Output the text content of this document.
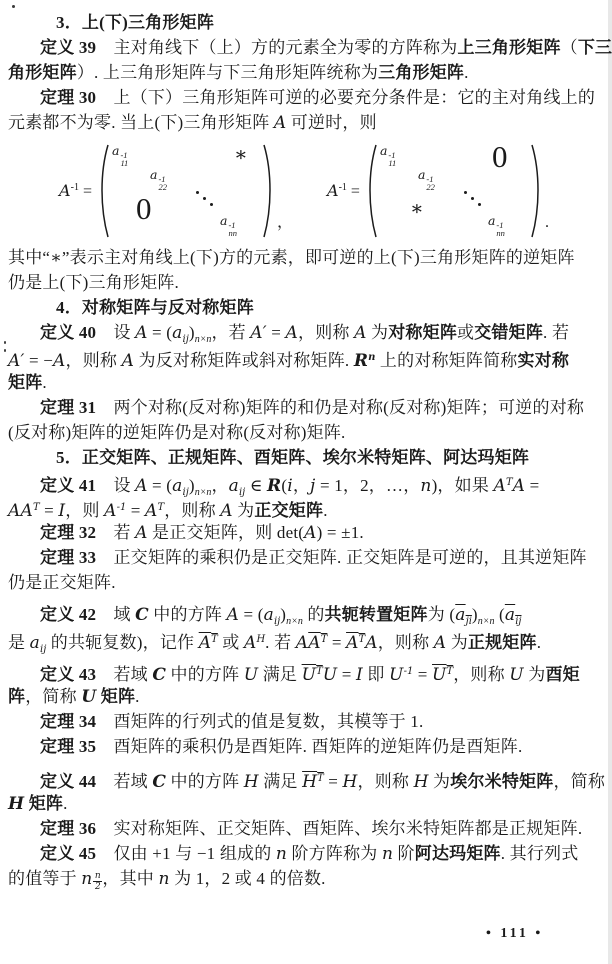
3．上(下)三角形矩阵
定义 39　主对角线下（上）方的元素全为零的方阵称为上三角形矩阵（下三
角形矩阵）. 上三角形矩阵与下三角形矩阵统称为三角形矩阵.
定理 30　上（下）三角形矩阵可逆的必要充分条件是：它的主对角线上的
元素都不为零. 当上(下)三角形矩阵 A 可逆时，则
$A^{-1}$ =
a -1
11
a -1
22
a -1
nn
∗
0	，
$A^{-1}$ =
a -1
11
a -1
22
a -1
nn
0
∗
.
其中“∗”表示主对角线上(下)方的元素，即可逆的上(下)三角形矩阵的逆矩阵
仍是上(下)三角形矩阵.
4．对称矩阵与反对称矩阵
定义 40　设 $A = (a_{ij})_{n\times n}$，若 A′ = A，则称 A 为对称矩阵或交错矩阵. 若
A′ = −A，则称 A 为反对称矩阵或斜对称矩阵. $R^n$ 上的对称矩阵简称实对称
矩阵.
定理 31　两个对称(反对称)矩阵的和仍是对称(反对称)矩阵；可逆的对称
(反对称)矩阵的逆矩阵仍是对称(反对称)矩阵.
5．正交矩阵、正规矩阵、酉矩阵、埃尔米特矩阵、阿达玛矩阵
定义 41　设 $A = (a_{ij})_{n\times n}$，$a_{ij}$ ∈ R(i，j = 1，2，…，n)，如果 $A^TA$ =
$AA^T = I$，则 $A^{-1} = A^T$，则称 A 为正交矩阵.
定理 32　若 A 是正交矩阵，则 det(A) = ±1.
定理 33　正交矩阵的乘积仍是正交矩阵. 正交矩阵是可逆的，且其逆矩阵
仍是正交矩阵.
定义 42　域 C 中的方阵 $A = (a_{ij})_{n\times n}$ 的共轭转置矩阵为 $(a_{ji})_{n\times n}$ ($a_{ij}$
是 $a_{ij}$ 的共轭复数)，记作 $A^T$ 或 $A^H$. 若 $AA^T = A^TA$，则称 A 为正规矩阵.
定义 43　若域 C 中的方阵 U 满足 $U^TU = I$ 即 $U^{-1} = U^T$，则称 U 为酉矩
阵，简称 U 矩阵.
定理 34　酉矩阵的行列式的值是复数，其模等于 1.
定理 35　酉矩阵的乘积仍是酉矩阵. 酉矩阵的逆矩阵仍是酉矩阵.
定义 44　若域 C 中的方阵 H 满足 $H^T = H$，则称 H 为埃尔米特矩阵，简称
H 矩阵.
定理 36　实对称矩阵、正交矩阵、酉矩阵、埃尔米特矩阵都是正规矩阵.
定义 45　仅由 +1 与 −1 组成的 n 阶方阵称为 n 阶阿达玛矩阵. 其行列式
的值等于 n $\frac{n}{2}$ ，其中 n 为 1，2 或 4 的倍数.
• 111 •
